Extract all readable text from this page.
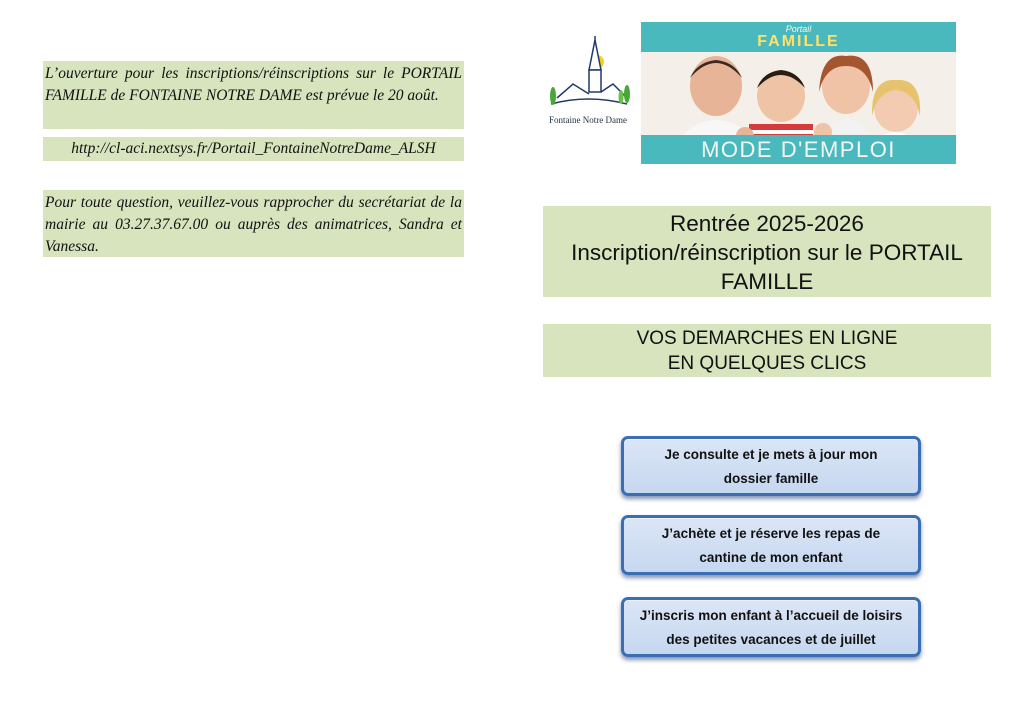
L’ouverture pour les inscriptions/réinscriptions sur le PORTAIL FAMILLE de FONTAINE NOTRE DAME est prévue le 20 août.
http://cl-aci.nextsys.fr/Portail_FontaineNotreDame_ALSH
Pour toute question, veuillez-vous rapprocher du secrétariat de la mairie au 03.27.37.67.00 ou auprès des animatrices, Sandra et Vanessa.
Fontaine Notre Dame
Portail
FAMILLE
MODE D'EMPLOI
Rentrée 2025-2026
Inscription/réinscription sur le PORTAIL
FAMILLE
VOS DEMARCHES EN LIGNE
EN QUELQUES CLICS
Je consulte et je mets à jour mon
dossier famille
J’achète et je réserve les repas de
cantine de mon enfant
J’inscris mon enfant à l’accueil de loisirs
des petites vacances et de juillet
